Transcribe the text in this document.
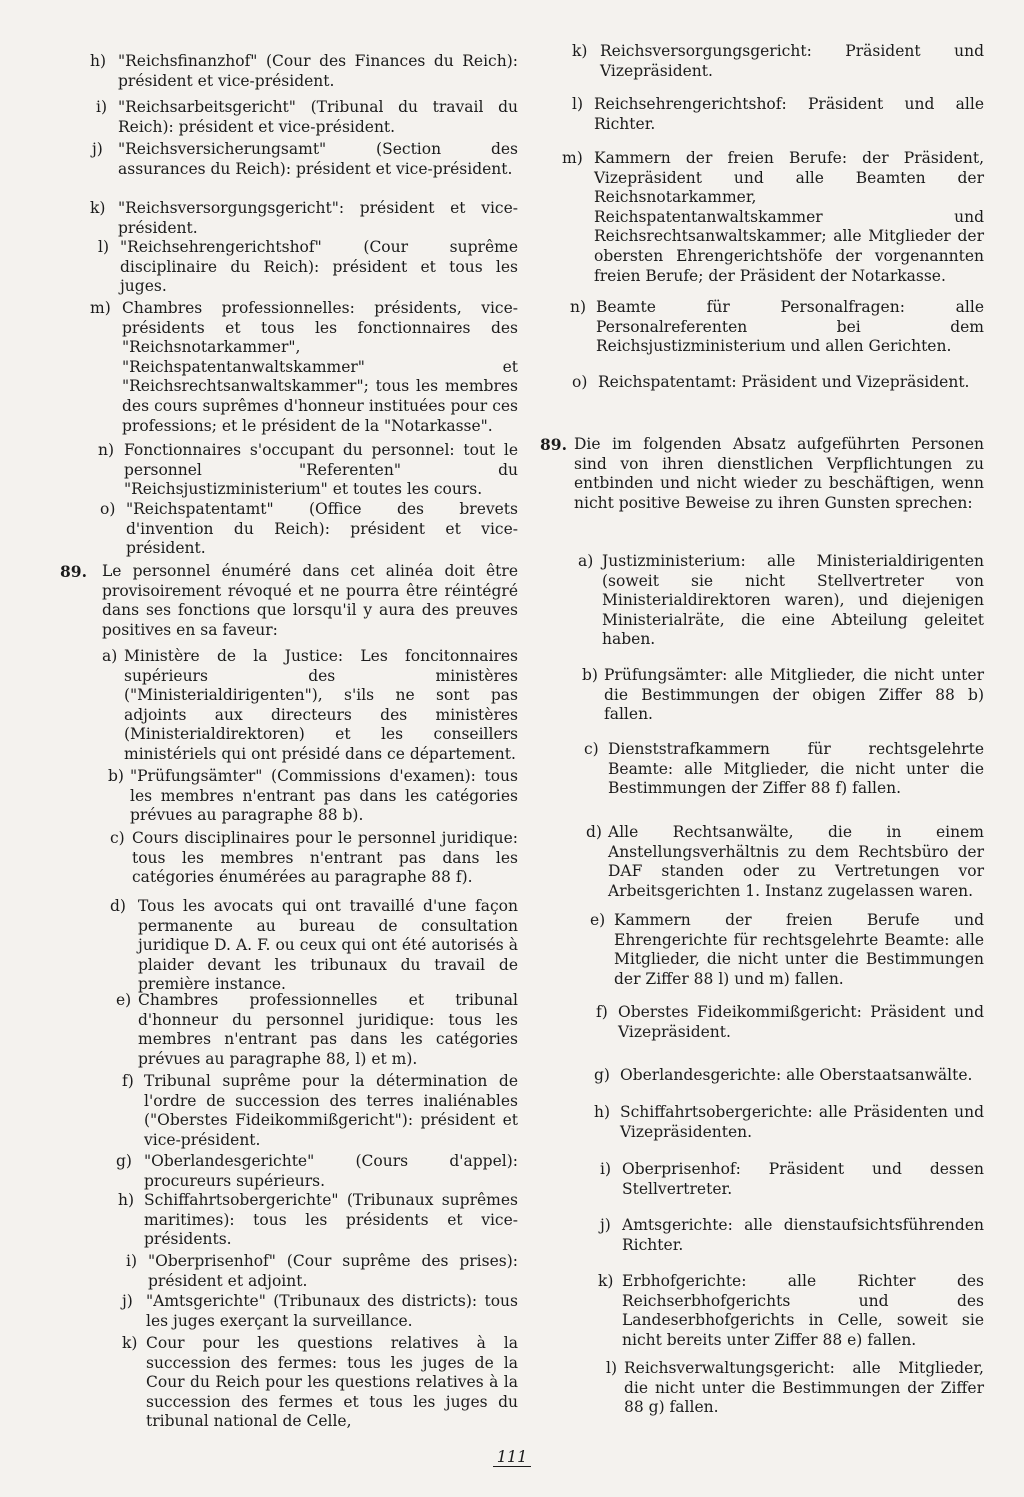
h) "Reichsfinanzhof" (Cour des Finances du Reich): président et vice-président.
i) "Reichsarbeitsgericht" (Tribunal du travail du Reich): président et vice-président.
j) "Reichsversicherungsamt" (Section des assurances du Reich): président et vice-président.
k) "Reichsversorgungsgericht": président et vice-président.
l) "Reichsehrengerichtshof" (Cour suprême disciplinaire du Reich): président et tous les juges.
m) Chambres professionnelles: présidents, vice-présidents et tous les fonctionnaires des "Reichsnotarkammer", "Reichspatentanwaltskammer" et "Reichsrechtsanwaltskammer"; tous les membres des cours suprêmes d'honneur instituées pour ces professions; et le président de la "Notarkasse".
n) Fonctionnaires s'occupant du personnel: tout le personnel "Referenten" du "Reichsjustizministerium" et toutes les cours.
o) "Reichspatentamt" (Office des brevets d'invention du Reich): président et vice-président.
89. Le personnel énuméré dans cet alinéa doit être provisoirement révoqué et ne pourra être réintégré dans ses fonctions que lorsqu'il y aura des preuves positives en sa faveur:
a) Ministère de la Justice: Les foncitonnaires supérieurs des ministères ("Ministerialdirigenten"), s'ils ne sont pas adjoints aux directeurs des ministères (Ministerialdirektoren) et les conseillers ministériels qui ont présidé dans ce département.
b) "Prüfungsämter" (Commissions d'examen): tous les membres n'entrant pas dans les catégories prévues au paragraphe 88 b).
c) Cours disciplinaires pour le personnel juridique: tous les membres n'entrant pas dans les catégories énumérées au paragraphe 88 f).
d) Tous les avocats qui ont travaillé d'une façon permanente au bureau de consultation juridique D. A. F. ou ceux qui ont été autorisés à plaider devant les tribunaux du travail de première instance.
e) Chambres professionnelles et tribunal d'honneur du personnel juridique: tous les membres n'entrant pas dans les catégories prévues au paragraphe 88, l) et m).
f) Tribunal suprême pour la détermination de l'ordre de succession des terres inaliénables ("Oberstes Fideikommißgericht"): président et vice-président.
g) "Oberlandesgerichte" (Cours d'appel): procureurs supérieurs.
h) Schiffahrtsobergerichte" (Tribunaux suprêmes maritimes): tous les présidents et vice-présidents.
i) "Oberprisenhof" (Cour suprême des prises): président et adjoint.
j) "Amtsgerichte" (Tribunaux des districts): tous les juges exerçant la surveillance.
k) Cour pour les questions relatives à la succession des fermes: tous les juges de la Cour du Reich pour les questions relatives à la succession des fermes et tous les juges du tribunal national de Celle,
k) Reichsversorgungsgericht: Präsident und Vizepräsident.
l) Reichsehrengerichtshof: Präsident und alle Richter.
m) Kammern der freien Berufe: der Präsident, Vizepräsident und alle Beamten der Reichsnotarkammer, Reichspatentanwaltskammer und Reichsrechtsanwaltskammer; alle Mitglieder der obersten Ehrengerichtshöfe der vorgenannten freien Berufe; der Präsident der Notarkasse.
n) Beamte für Personalfragen: alle Personalreferenten bei dem Reichsjustizministerium und allen Gerichten.
o) Reichspatentamt: Präsident und Vizepräsident.
89. Die im folgenden Absatz aufgeführten Personen sind von ihren dienstlichen Verpflichtungen zu entbinden und nicht wieder zu beschäftigen, wenn nicht positive Beweise zu ihren Gunsten sprechen:
a) Justizministerium: alle Ministerialdirigenten (soweit sie nicht Stellvertreter von Ministerialdirektoren waren), und diejenigen Ministerialräte, die eine Abteilung geleitet haben.
b) Prüfungsämter: alle Mitglieder, die nicht unter die Bestimmungen der obigen Ziffer 88 b) fallen.
c) Dienststrafkammern für rechtsgelehrte Beamte: alle Mitglieder, die nicht unter die Bestimmungen der Ziffer 88 f) fallen.
d) Alle Rechtsanwälte, die in einem Anstellungsverhältnis zu dem Rechtsbüro der DAF standen oder zu Vertretungen vor Arbeitsgerichten 1. Instanz zugelassen waren.
e) Kammern der freien Berufe und Ehrengerichte für rechtsgelehrte Beamte: alle Mitglieder, die nicht unter die Bestimmungen der Ziffer 88 l) und m) fallen.
f) Oberstes Fideikommißgericht: Präsident und Vizepräsident.
g) Oberlandesgerichte: alle Oberstaatsanwälte.
h) Schiffahrtsobergerichte: alle Präsidenten und Vizepräsidenten.
i) Oberprisenhof: Präsident und dessen Stellvertreter.
j) Amtsgerichte: alle dienstaufsichtsführenden Richter.
k) Erbhofgerichte: alle Richter des Reichserbhofgerichts und des Landeserbhofgerichts in Celle, soweit sie nicht bereits unter Ziffer 88 e) fallen.
l) Reichsverwaltungsgericht: alle Mitglieder, die nicht unter die Bestimmungen der Ziffer 88 g) fallen.
111
